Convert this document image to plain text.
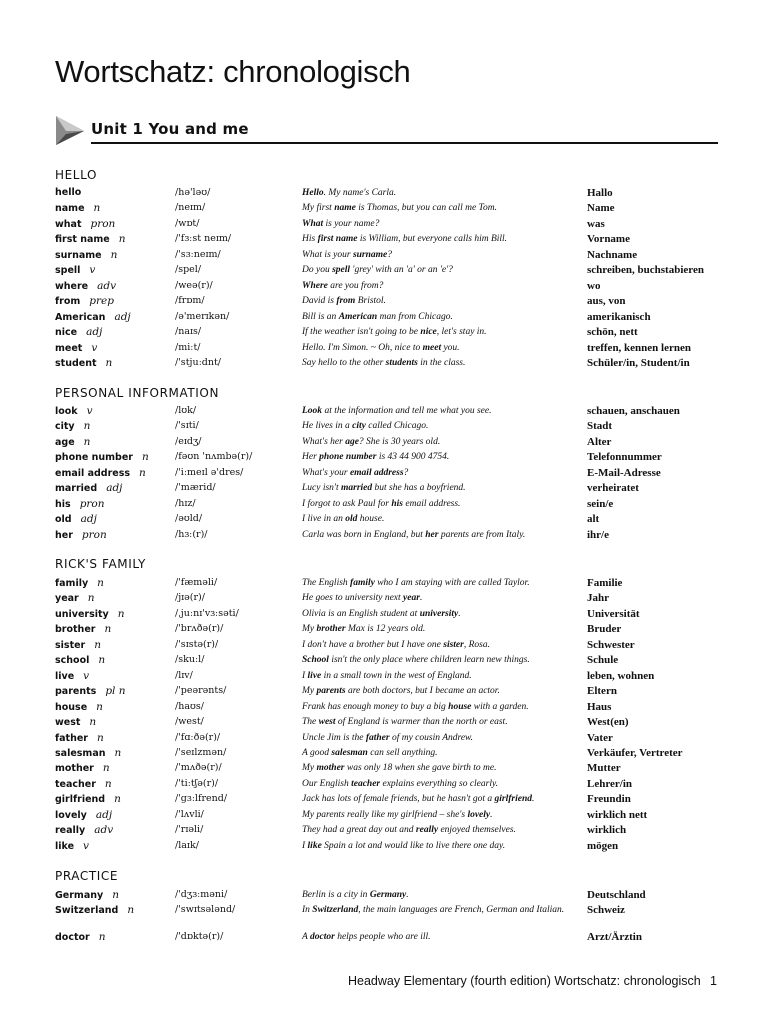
Wortschatz: chronologisch
Unit 1 You and me
HELLO
hello	/hə'ləʊ/	Hello. My name's Carla.	Hallo
name n	/neɪm/	My first name is Thomas, but you can call me Tom.	Name
what pron	/wɒt/	What is your name?	was
first name n	/'fɜːst neɪm/	His first name is William, but everyone calls him Bill.	Vorname
surname n	/'sɜːneɪm/	What is your surname?	Nachname
spell v	/spel/	Do you spell 'grey' with an 'a' or an 'e'?	schreiben, buchstabieren
where adv	/weə(r)/	Where are you from?	wo
from prep	/frɒm/	David is from Bristol.	aus, von
American adj	/ə'merɪkən/	Bill is an American man from Chicago.	amerikanisch
nice adj	/naɪs/	If the weather isn't going to be nice, let's stay in.	schön, nett
meet v	/miːt/	Hello. I'm Simon. ~ Oh, nice to meet you.	treffen, kennen lernen
student n	/'stjuːdnt/	Say hello to the other students in the class.	Schüler/in, Student/in
PERSONAL INFORMATION
look v	/lʊk/	Look at the information and tell me what you see.	schauen, anschauen
city n	/'sɪti/	He lives in a city called Chicago.	Stadt
age n	/eɪdʒ/	What's her age? She is 30 years old.	Alter
phone number n	/fəʊn 'nʌmbə(r)/	Her phone number is 43 44 900 4754.	Telefonnummer
email address n	/'iːmeɪl ə'dres/	What's your email address?	E-Mail-Adresse
married adj	/'mærid/	Lucy isn't married but she has a boyfriend.	verheiratet
his pron	/hɪz/	I forgot to ask Paul for his email address.	sein/e
old adj	/əʊld/	I live in an old house.	alt
her pron	/hɜː(r)/	Carla was born in England, but her parents are from Italy.	ihr/e
RICK'S FAMILY
family n	/'fæməli/	The English family who I am staying with are called Taylor.	Familie
year n	/jɪə(r)/	He goes to university next year.	Jahr
university n	/ˌjuːnɪ'vɜːsəti/	Olivia is an English student at university.	Universität
brother n	/'brʌðə(r)/	My brother Max is 12 years old.	Bruder
sister n	/'sɪstə(r)/	I don't have a brother but I have one sister, Rosa.	Schwester
school n	/skuːl/	School isn't the only place where children learn new things.	Schule
live v	/lɪv/	I live in a small town in the west of England.	leben, wohnen
parents pl n	/'peərənts/	My parents are both doctors, but I became an actor.	Eltern
house n	/haʊs/	Frank has enough money to buy a big house with a garden.	Haus
west n	/west/	The west of England is warmer than the north or east.	West(en)
father n	/'fɑːðə(r)/	Uncle Jim is the father of my cousin Andrew.	Vater
salesman n	/'seɪlzmən/	A good salesman can sell anything.	Verkäufer, Vertreter
mother n	/'mʌðə(r)/	My mother was only 18 when she gave birth to me.	Mutter
teacher n	/'tiːtʃə(r)/	Our English teacher explains everything so clearly.	Lehrer/in
girlfriend n	/'gɜːlfrend/	Jack has lots of female friends, but he hasn't got a girlfriend.	Freundin
lovely adj	/'lʌvli/	My parents really like my girlfriend – she's lovely.	wirklich nett
really adv	/'rɪəli/	They had a great day out and really enjoyed themselves.	wirklich
like v	/laɪk/	I like Spain a lot and would like to live there one day.	mögen
PRACTICE
Germany n	/'dʒɜːməni/	Berlin is a city in Germany.	Deutschland
Switzerland n	/'swɪtsələnd/	In Switzerland, the main languages are French, German and Italian.	Schweiz
doctor n	/'dɒktə(r)/	A doctor helps people who are ill.	Arzt/Ärztin
Headway Elementary (fourth edition) Wortschatz: chronologisch 1
